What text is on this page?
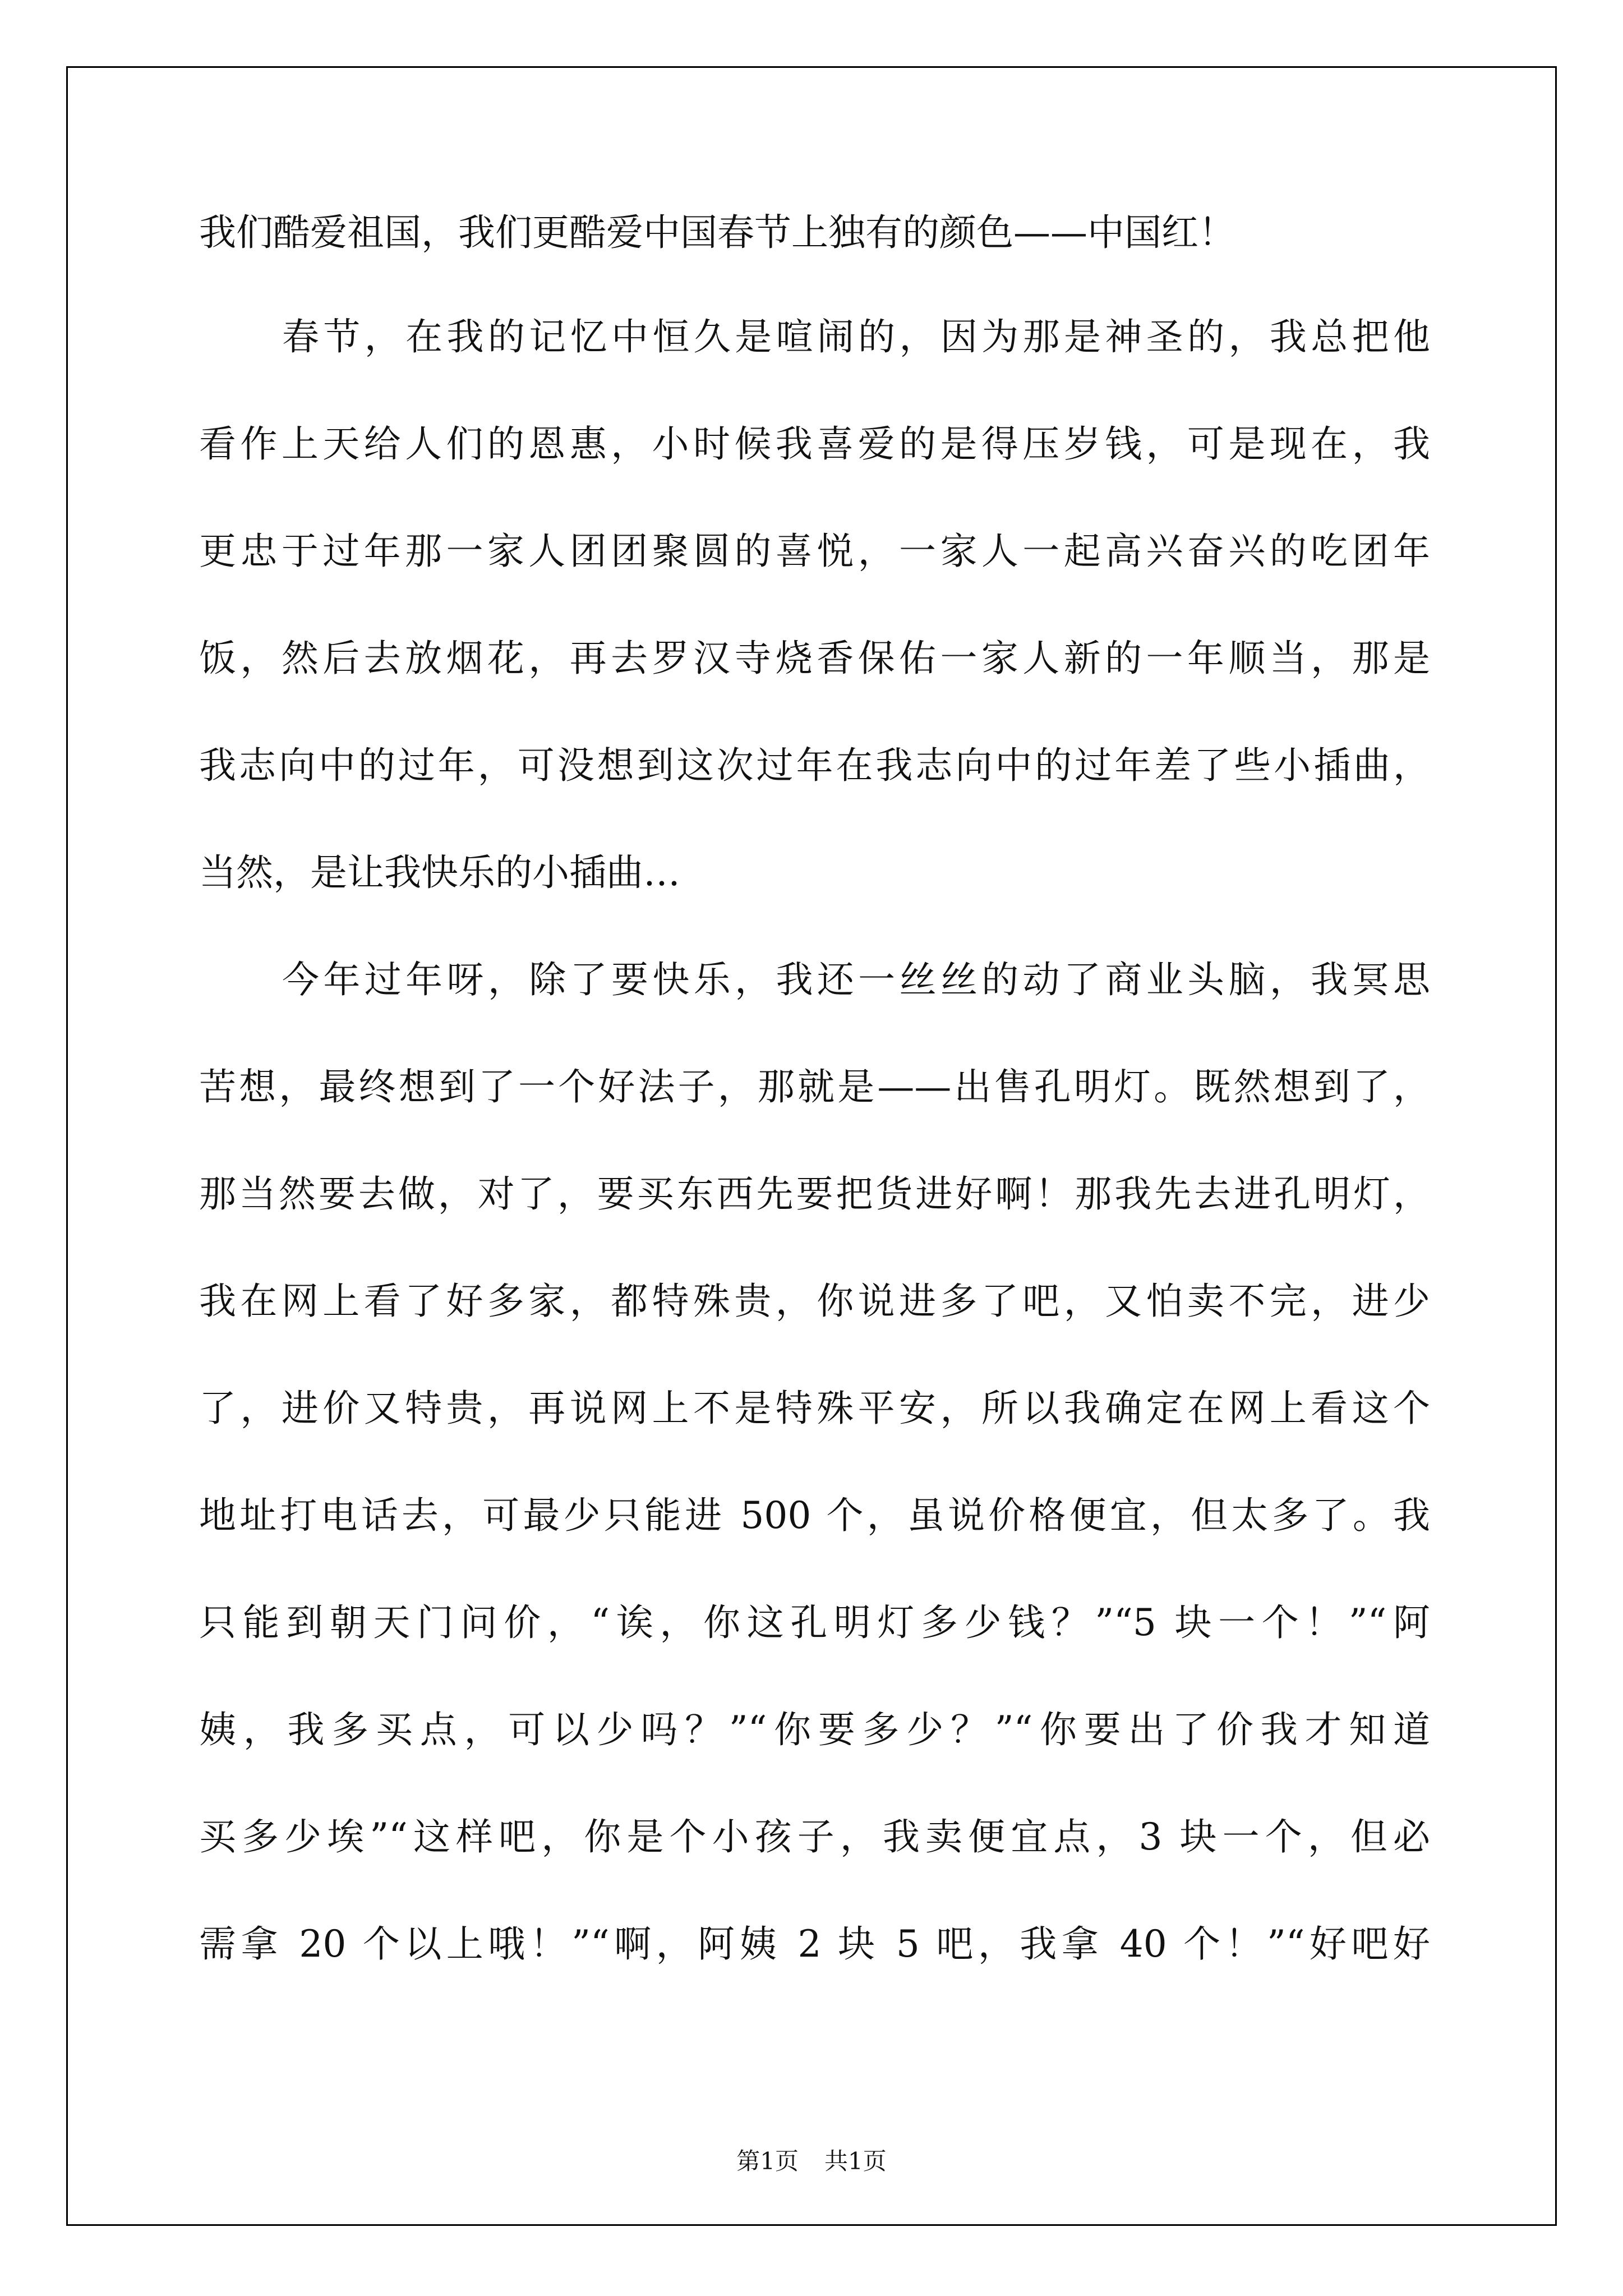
我们酷爱祖国，我们更酷爱中国春节上独有的颜色——中国红！
春节，在我的记忆中恒久是喧闹的，因为那是神圣的，我总把他
看作上天给人们的恩惠，小时候我喜爱的是得压岁钱，可是现在，我
更忠于过年那一家人团团聚圆的喜悦，一家人一起高兴奋兴的吃团年
饭，然后去放烟花，再去罗汉寺烧香保佑一家人新的一年顺当，那是
我志向中的过年，可没想到这次过年在我志向中的过年差了些小插曲，
当然，是让我快乐的小插曲…
今年过年呀，除了要快乐，我还一丝丝的动了商业头脑，我冥思
苦想，最终想到了一个好法子，那就是——出售孔明灯。既然想到了，
那当然要去做，对了，要买东西先要把货进好啊！那我先去进孔明灯，
我在网上看了好多家，都特殊贵，你说进多了吧，又怕卖不完，进少
了，进价又特贵，再说网上不是特殊平安，所以我确定在网上看这个
地址打电话去，可最少只能进 500 个，虽说价格便宜，但太多了。我
只能到朝天门问价，“诶，你这孔明灯多少钱？”“5 块一个！”“阿
姨，我多买点，可以少吗？”“你要多少？”“你要出了价我才知道
买多少埃”“这样吧，你是个小孩子，我卖便宜点，3 块一个，但必
需拿 20 个以上哦！”“啊，阿姨 2 块 5 吧，我拿 40 个！”“好吧好
第1页 共1页
